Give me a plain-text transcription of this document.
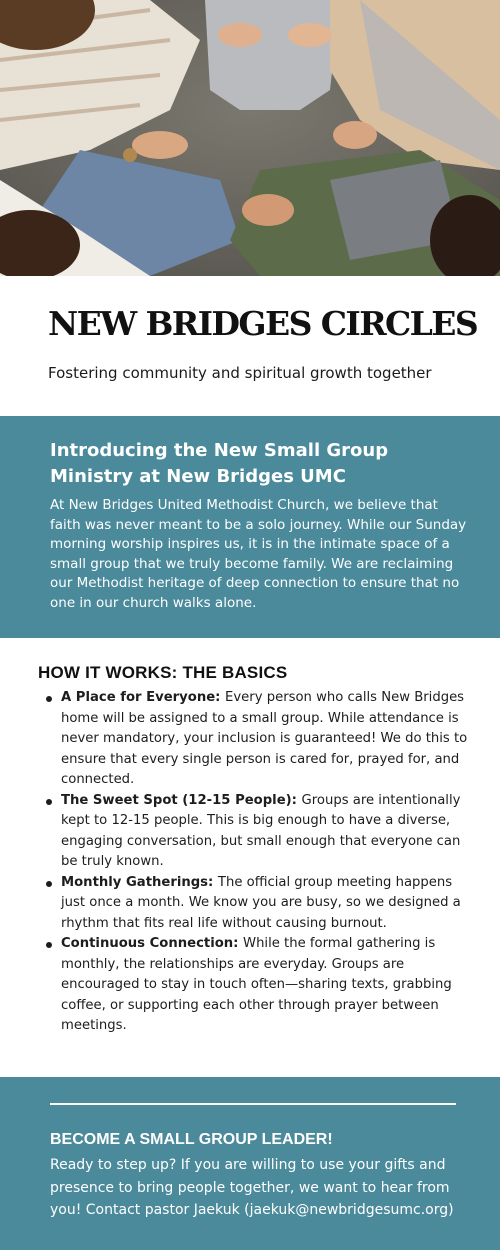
NEW BRIDGES CIRCLES
Fostering community and spiritual growth together
Introducing the New Small Group Ministry at New Bridges UMC
At New Bridges United Methodist Church, we believe that faith was never meant to be a solo journey. While our Sunday morning worship inspires us, it is in the intimate space of a small group that we truly become family. We are reclaiming our Methodist heritage of deep connection to ensure that no one in our church walks alone.
HOW IT WORKS: THE BASICS
A Place for Everyone: Every person who calls New Bridges home will be assigned to a small group. While attendance is never mandatory, your inclusion is guaranteed! We do this to ensure that every single person is cared for, prayed for, and connected.
The Sweet Spot (12-15 People): Groups are intentionally kept to 12-15 people. This is big enough to have a diverse, engaging conversation, but small enough that everyone can be truly known.
Monthly Gatherings: The official group meeting happens just once a month. We know you are busy, so we designed a rhythm that fits real life without causing burnout.
Continuous Connection: While the formal gathering is monthly, the relationships are everyday. Groups are encouraged to stay in touch often—sharing texts, grabbing coffee, or supporting each other through prayer between meetings.
BECOME A SMALL GROUP LEADER!
Ready to step up? If you are willing to use your gifts and presence to bring people together, we want to hear from you! Contact pastor Jaekuk (jaekuk@newbridgesumc.org)
